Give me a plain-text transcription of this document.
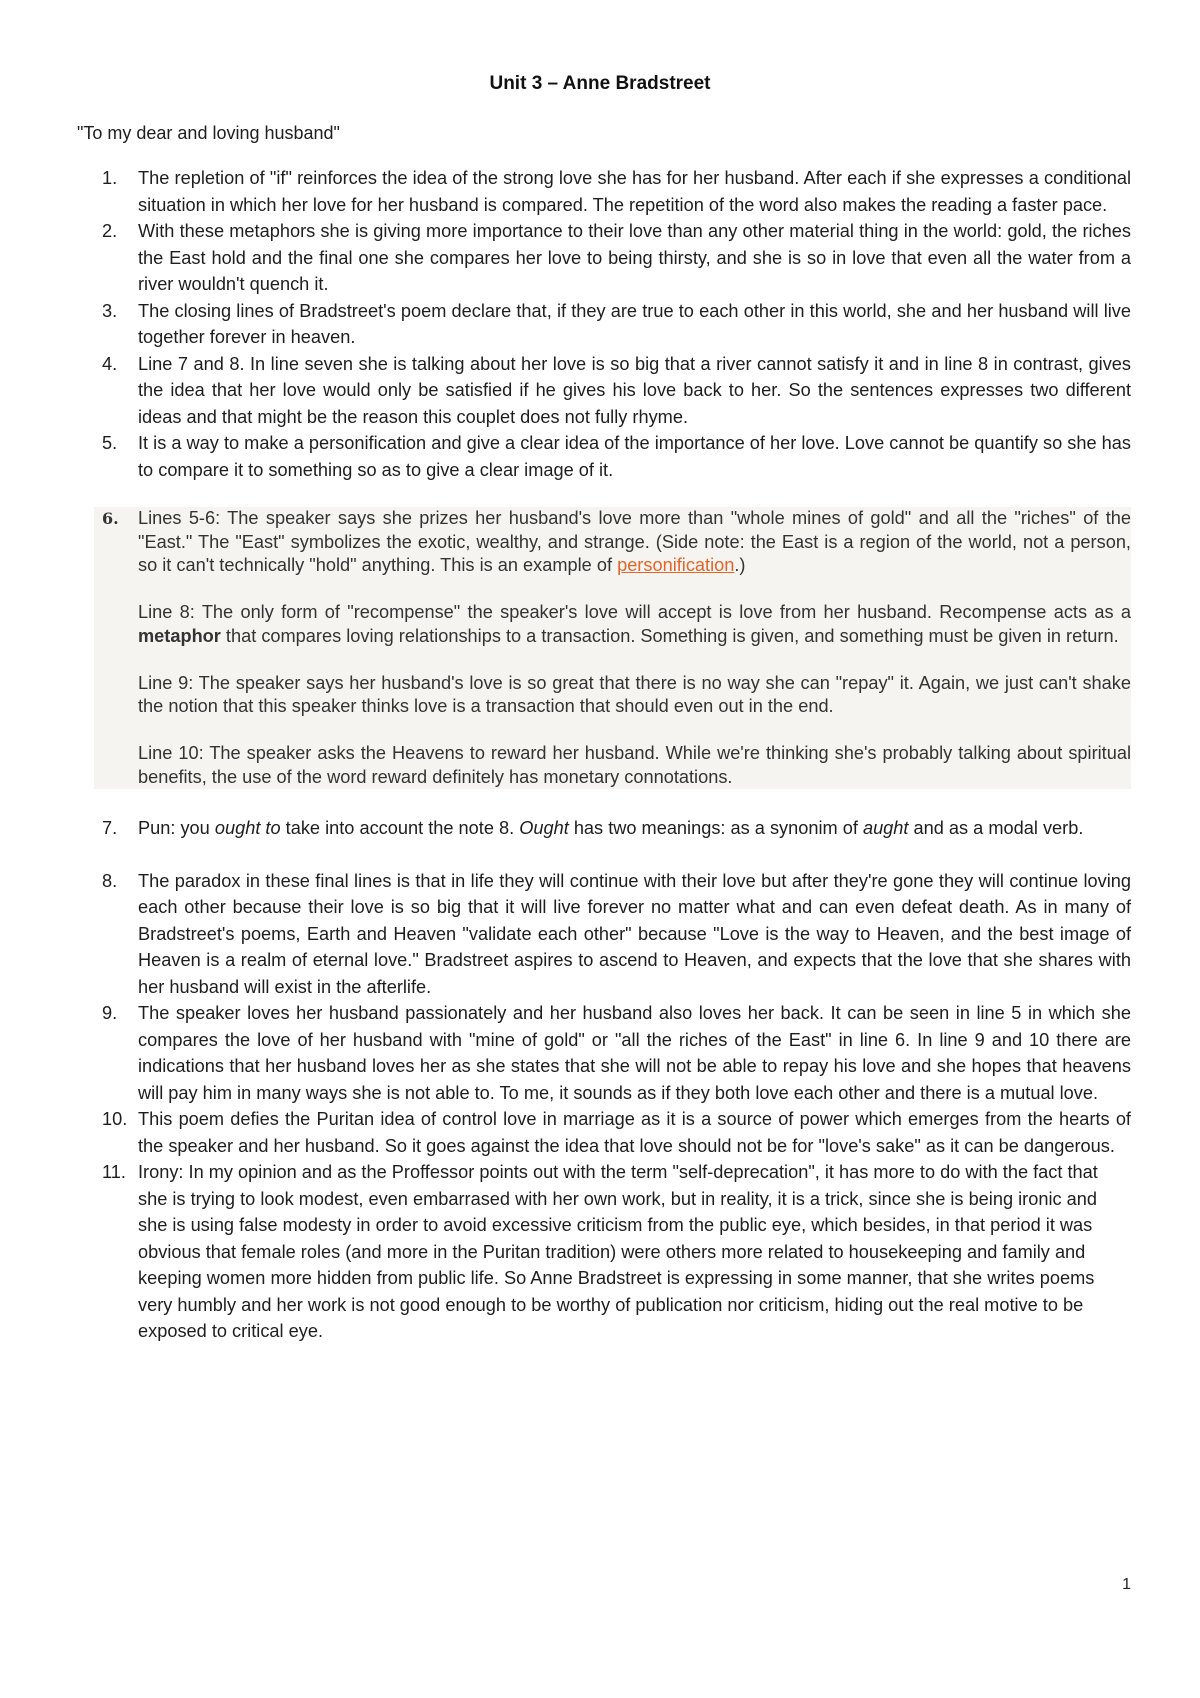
Unit 3 – Anne Bradstreet
"To my dear and loving husband"
1. The repletion of "if" reinforces the idea of the strong love she has for her husband. After each if she expresses a conditional situation in which her love for her husband is compared. The repetition of the word also makes the reading a faster pace.
2. With these metaphors she is giving more importance to their love than any other material thing in the world: gold, the riches the East hold and the final one she compares her love to being thirsty, and she is so in love that even all the water from a river wouldn't quench it.
3. The closing lines of Bradstreet's poem declare that, if they are true to each other in this world, she and her husband will live together forever in heaven.
4. Line 7 and 8. In line seven she is talking about her love is so big that a river cannot satisfy it and in line 8 in contrast, gives the idea that her love would only be satisfied if he gives his love back to her. So the sentences expresses two different ideas and that might be the reason this couplet does not fully rhyme.
5. It is a way to make a personification and give a clear idea of the importance of her love. Love cannot be quantify so she has to compare it to something so as to give a clear image of it.
6. Lines 5-6: The speaker says she prizes her husband's love more than "whole mines of gold" and all the "riches" of the "East." The "East" symbolizes the exotic, wealthy, and strange. (Side note: the East is a region of the world, not a person, so it can't technically "hold" anything. This is an example of personification.)

Line 8: The only form of "recompense" the speaker's love will accept is love from her husband. Recompense acts as a metaphor that compares loving relationships to a transaction. Something is given, and something must be given in return.

Line 9: The speaker says her husband's love is so great that there is no way she can "repay" it. Again, we just can't shake the notion that this speaker thinks love is a transaction that should even out in the end.

Line 10: The speaker asks the Heavens to reward her husband. While we're thinking she's probably talking about spiritual benefits, the use of the word reward definitely has monetary connotations.

7. Pun: you ought to take into account the note 8. Ought has two meanings: as a synonim of aught and as a modal verb.
8. The paradox in these final lines is that in life they will continue with their love but after they're gone they will continue loving each other because their love is so big that it will live forever no matter what and can even defeat death. As in many of Bradstreet's poems, Earth and Heaven "validate each other" because "Love is the way to Heaven, and the best image of Heaven is a realm of eternal love." Bradstreet aspires to ascend to Heaven, and expects that the love that she shares with her husband will exist in the afterlife.
9. The speaker loves her husband passionately and her husband also loves her back. It can be seen in line 5 in which she compares the love of her husband with "mine of gold" or "all the riches of the East" in line 6. In line 9 and 10 there are indications that her husband loves her as she states that she will not be able to repay his love and she hopes that heavens will pay him in many ways she is not able to. To me, it sounds as if they both love each other and there is a mutual love.
10. This poem defies the Puritan idea of control love in marriage as it is a source of power which emerges from the hearts of the speaker and her husband. So it goes against the idea that love should not be for "love's sake" as it can be dangerous.
11. Irony: In my opinion and as the Proffessor points out with the term "self-deprecation", it has more to do with the fact that she is trying to look modest, even embarrased with her own work, but in reality, it is a trick, since she is being ironic and she is using false modesty in order to avoid excessive criticism from the public eye, which besides, in that period it was obvious that female roles (and more in the Puritan tradition) were others more related to housekeeping and family and keeping women more hidden from public life. So Anne Bradstreet is expressing in some manner, that she writes poems very humbly and her work is not good enough to be worthy of publication nor criticism, hiding out the real motive to be exposed to critical eye.
1
